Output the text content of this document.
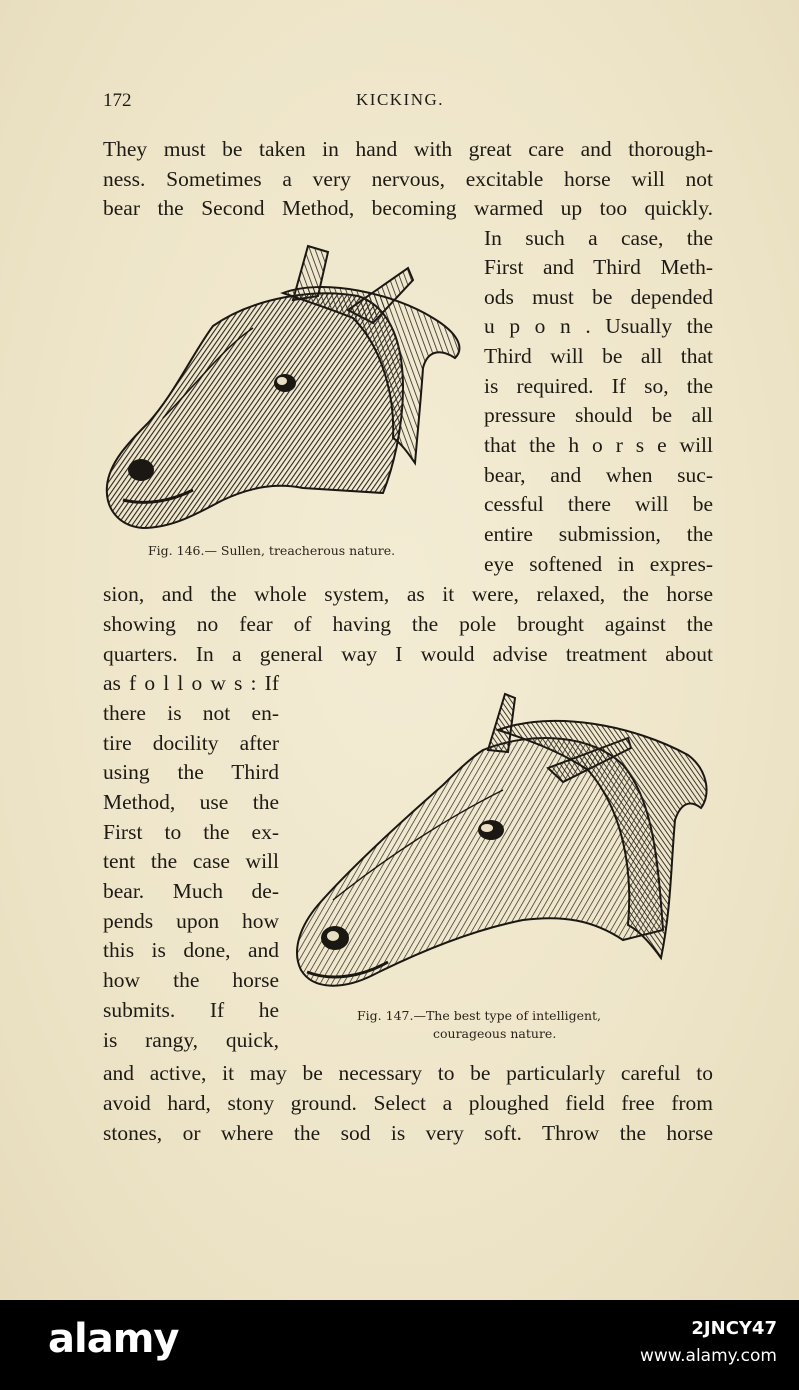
172	KICKING.
They must be taken in hand with great care and thorough-
ness. Sometimes a very nervous, excitable horse will not
bear the Second Method, becoming warmed up too quickly.
In such a case, the
First and Third Meth-
ods must be depended
u p o n . Usually the
Third will be all that
is required. If so, the
pressure should be all
that the h o r s e will
bear, and when suc-
cessful there will be
entire submission, the
eye softened in expres-
Fig. 146.— Sullen, treacherous nature.
sion, and the whole system, as it were, relaxed, the horse
showing no fear of having the pole brought against the
quarters. In a general way I would advise treatment about
as f o l l o w s : If
there is not en-
tire docility after
using the Third
Method, use the
First to the ex-
tent the case will
bear. Much de-
pends upon how
this is done, and
how the horse
submits. If he
is rangy, quick,
Fig. 147.—The best type of intelligent,
courageous nature.
and active, it may be necessary to be particularly careful to
avoid hard, stony ground. Select a ploughed field free from
stones, or where the sod is very soft. Throw the horse
alamy	2JNCY47
www.alamy.com
